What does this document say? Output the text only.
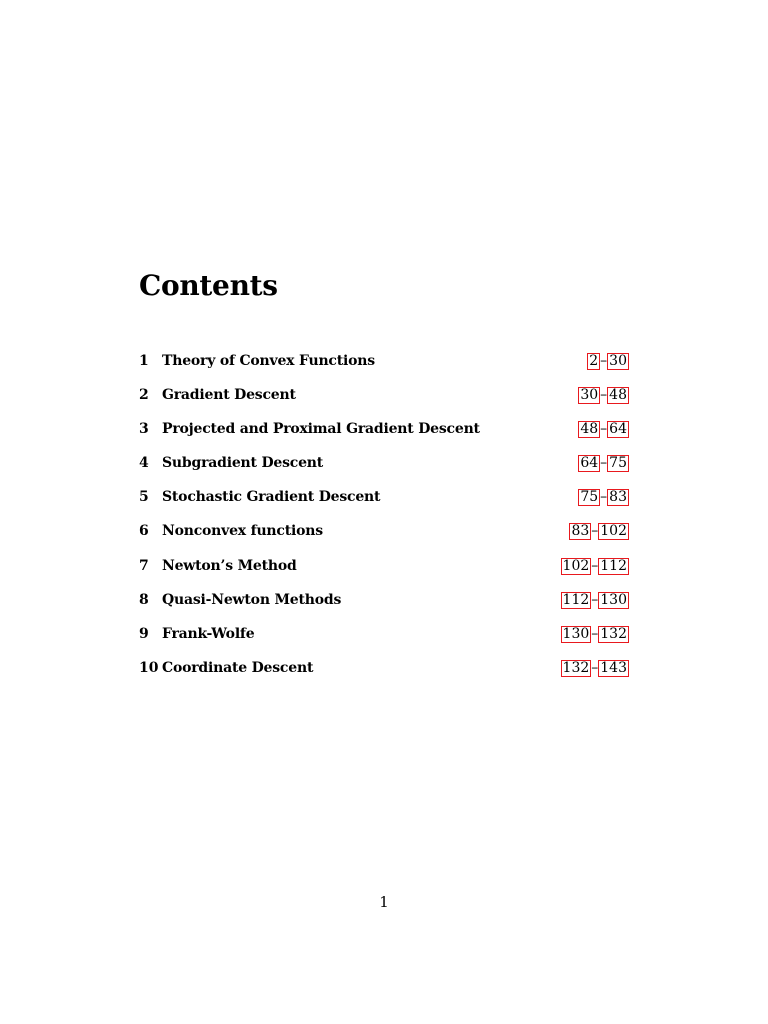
Contents
1 Theory of Convex Functions	2 – 30
2 Gradient Descent	30 – 48
3 Projected and Proximal Gradient Descent	48 – 64
4 Subgradient Descent	64 – 75
5 Stochastic Gradient Descent	75 – 83
6 Nonconvex functions	83 – 102
7 Newton’s Method	102 – 112
8 Quasi-Newton Methods	112 – 130
9 Frank-Wolfe	130 – 132
10 Coordinate Descent	132 – 143
1
